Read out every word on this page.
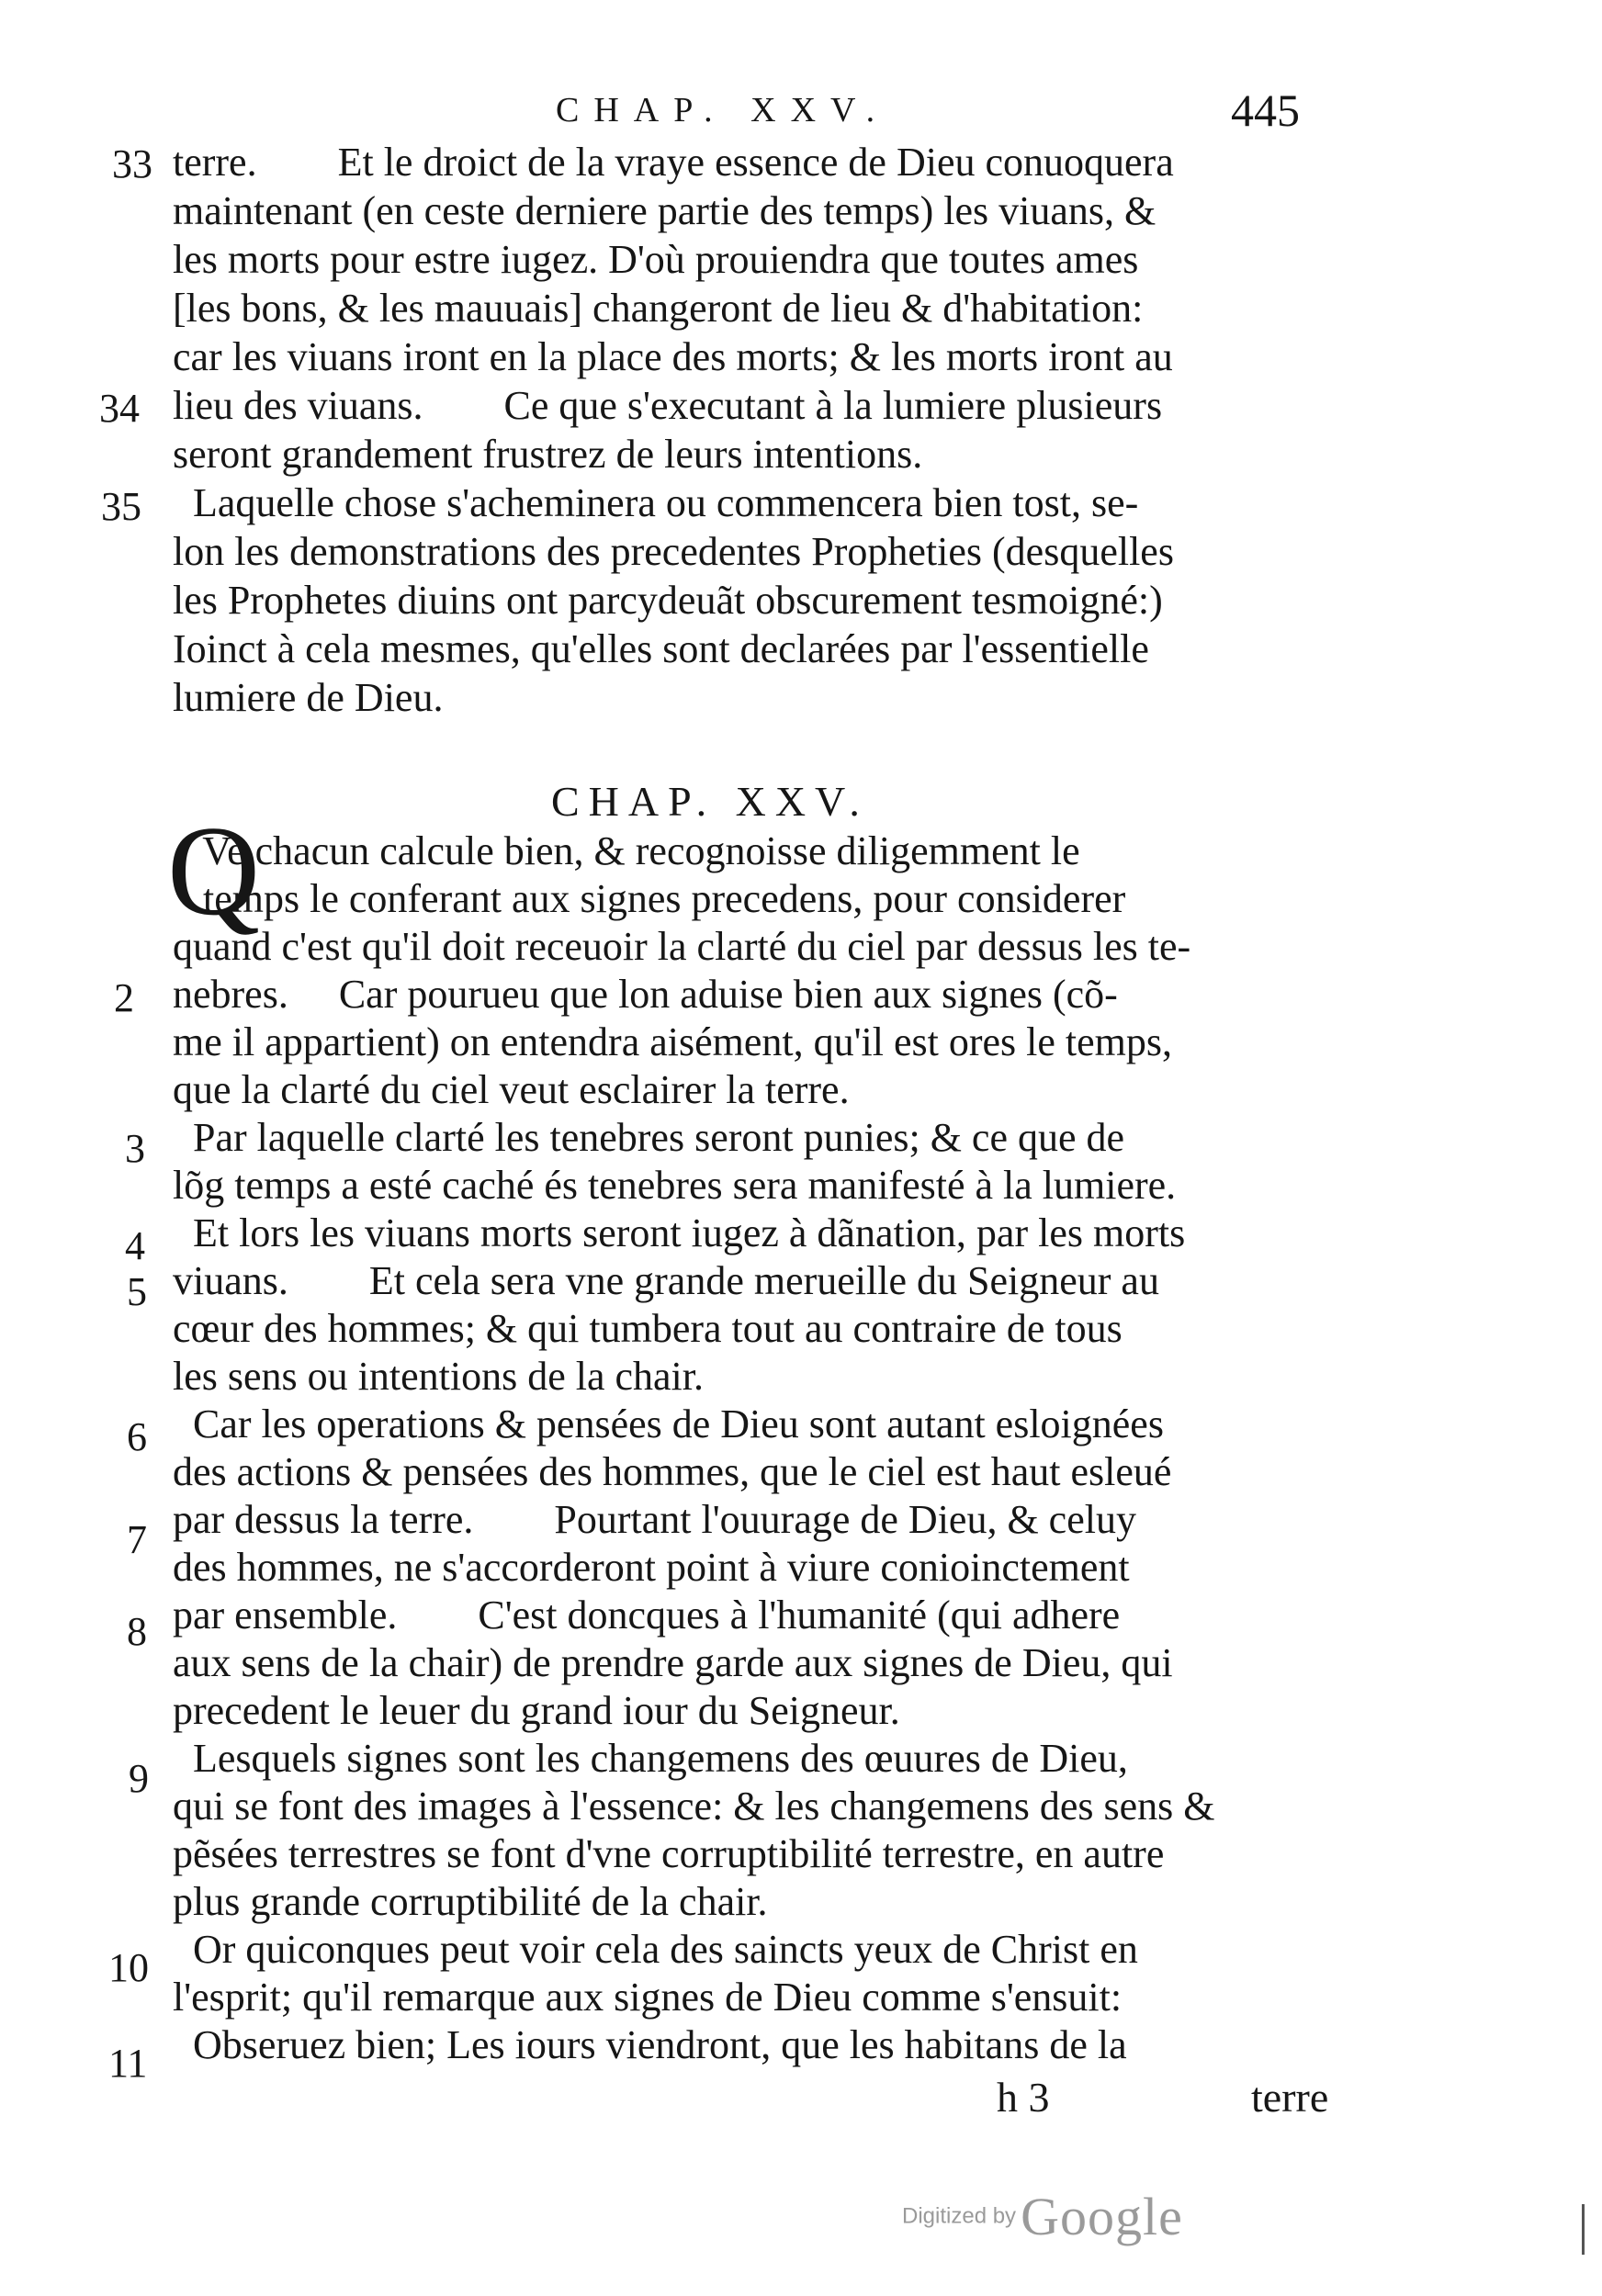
CHAP. XXV.	445
terre.        Et le droict de la vraye essence de Dieu conuoquera
maintenant (en ceste derniere partie des temps) les viuans, &
les morts pour estre iugez. D'où prouiendra que toutes ames
[les bons, & les mauuais] changeront de lieu & d'habitation:
car les viuans iront en la place des morts; & les morts iront au
lieu des viuans.        Ce que s'executant à la lumiere plusieurs
seront grandement frustrez de leurs intentions.
Laquelle chose s'acheminera ou commencera bien tost, se-
lon les demonstrations des precedentes Propheties (desquelles
les Prophetes diuins ont parcydeuãt obscurement tesmoigné:)
Ioinct à cela mesmes, qu'elles sont declarées par l'essentielle
lumiere de Dieu.
CHAP. XXV.
Q
Ve chacun calcule bien, & recognoisse diligemment le
temps le conferant aux signes precedens, pour considerer
quand c'est qu'il doit receuoir la clarté du ciel par dessus les te-
nebres.     Car pourueu que lon aduise bien aux signes (cõ-
me il appartient) on entendra aisément, qu'il est ores le temps,
que la clarté du ciel veut esclairer la terre.
Par laquelle clarté les tenebres seront punies; & ce que de
lõg temps a esté caché és tenebres sera manifesté à la lumiere.
Et lors les viuans morts seront iugez à dãnation, par les morts
viuans.        Et cela sera vne grande merueille du Seigneur au
cœur des hommes; & qui tumbera tout au contraire de tous
les sens ou intentions de la chair.
Car les operations & pensées de Dieu sont autant esloignées
des actions & pensées des hommes, que le ciel est haut esleué
par dessus la terre.        Pourtant l'ouurage de Dieu, & celuy
des hommes, ne s'accorderont point à viure conioinctement
par ensemble.        C'est doncques à l'humanité (qui adhere
aux sens de la chair) de prendre garde aux signes de Dieu, qui
precedent le leuer du grand iour du Seigneur.
Lesquels signes sont les changemens des œuures de Dieu,
qui se font des images à l'essence: & les changemens des sens &
pẽsées terrestres se font d'vne corruptibilité terrestre, en autre
plus grande corruptibilité de la chair.
Or quiconques peut voir cela des saincts yeux de Christ en
l'esprit; qu'il remarque aux signes de Dieu comme s'ensuit:
Obseruez bien; Les iours viendront, que les habitans de la
33
34
35
2
3
4
5
6
7
8
9
10
11
h 3	terre
Digitized by Google
